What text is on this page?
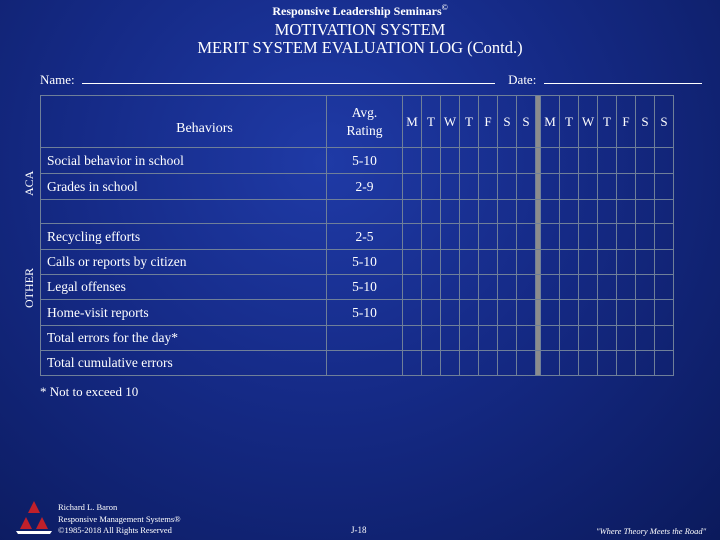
Responsive Leadership Seminars©
MOTIVATION SYSTEM
MERIT SYSTEM EVALUATION LOG (Contd.)
Name:	Date:
ACA
OTHER
Behaviors	Avg. Rating	M	T	W	T	F	S	S		M	T	W	T	F	S	S
Social behavior in school	5-10															
Grades in school	2-9															

Recycling efforts	2-5															
Calls or reports by citizen	5-10															
Legal offenses	5-10															
Home-visit reports	5-10															
Total errors for the day*																
Total cumulative errors																
* Not to exceed 10
Richard L. Baron
Responsive Management Systems®
©1985-2018 All Rights Reserved	J-18	"Where Theory Meets the Road"
